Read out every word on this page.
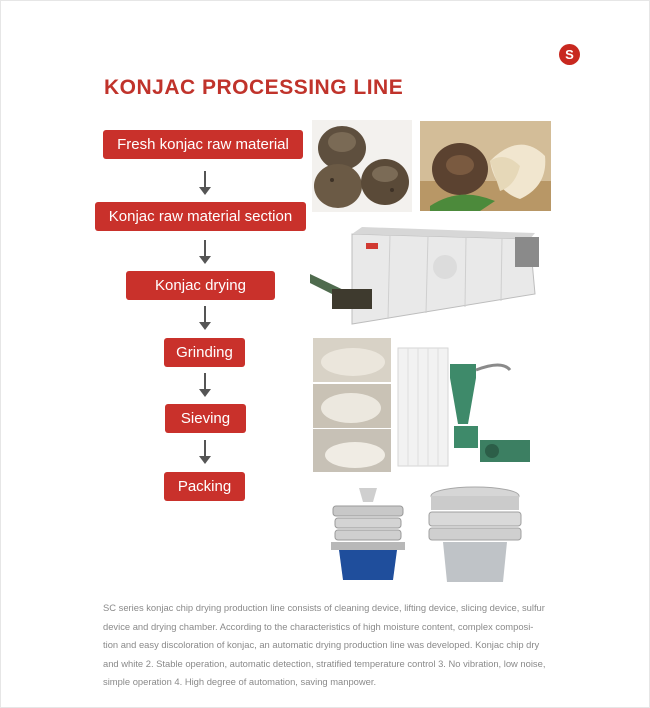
S
KONJAC PROCESSING LINE
Fresh konjac raw material
Konjac raw material section
Konjac drying
Grinding
Sieving
Packing
SC series konjac chip drying production line consists of cleaning device, lifting device, slicing device, sulfur
device and drying chamber. According to the characteristics of high moisture content, complex composi-
tion and easy discoloration of konjac, an automatic drying production line was developed. Konjac chip dry
and white 2. Stable operation, automatic detection, stratified temperature control 3. No vibration, low noise,
simple operation 4. High degree of automation, saving manpower.
